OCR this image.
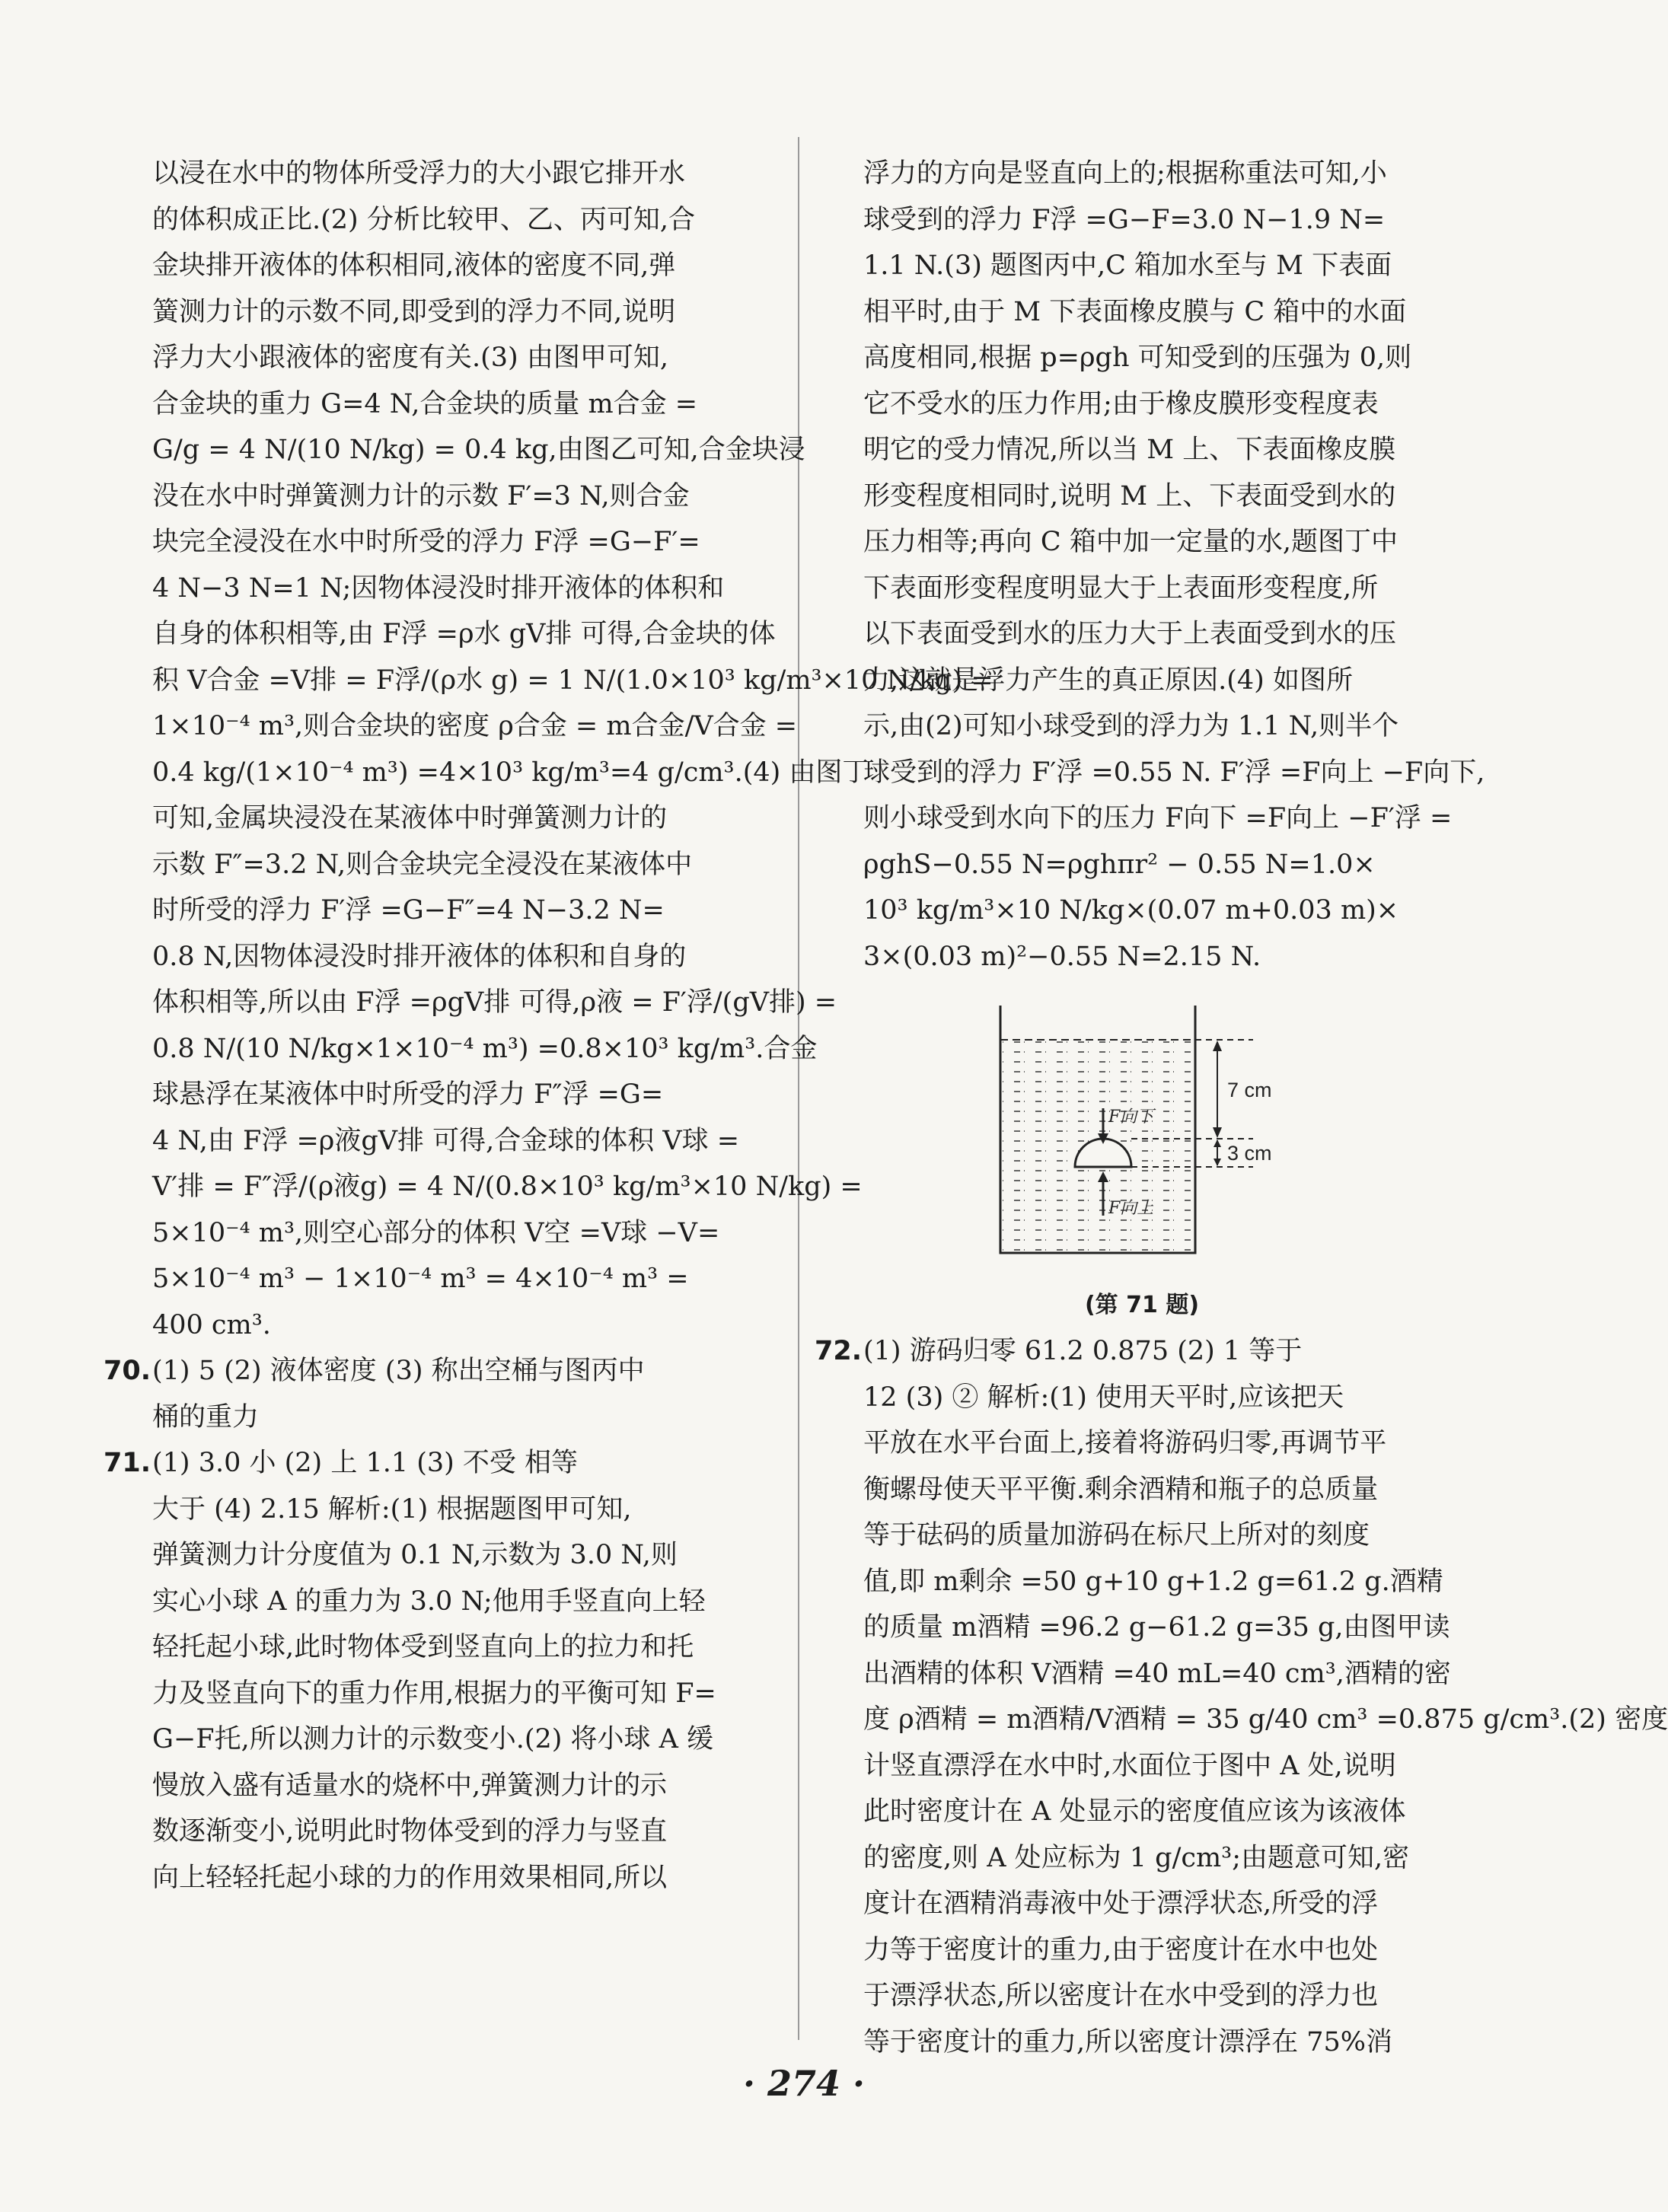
以浸在水中的物体所受浮力的大小跟它排开水
的体积成正比.(2) 分析比较甲、乙、丙可知,合
金块排开液体的体积相同,液体的密度不同,弹
簧测力计的示数不同,即受到的浮力不同,说明
浮力大小跟液体的密度有关.(3) 由图甲可知,
合金块的重力 G=4 N,合金块的质量 m合金 =
G/g = 4 N/(10 N/kg) = 0.4 kg,由图乙可知,合金块浸
没在水中时弹簧测力计的示数 F′=3 N,则合金
块完全浸没在水中时所受的浮力 F浮 =G−F′=
4 N−3 N=1 N;因物体浸没时排开液体的体积和
自身的体积相等,由 F浮 =ρ水 gV排 可得,合金块的体
积 V合金 =V排 = F浮/(ρ水 g) = 1 N/(1.0×10³ kg/m³×10 N/kg) =
1×10⁻⁴ m³,则合金块的密度 ρ合金 = m合金/V合金 =
0.4 kg/(1×10⁻⁴ m³) =4×10³ kg/m³=4 g/cm³.(4) 由图丁
可知,金属块浸没在某液体中时弹簧测力计的
示数 F″=3.2 N,则合金块完全浸没在某液体中
时所受的浮力 F′浮 =G−F″=4 N−3.2 N=
0.8 N,因物体浸没时排开液体的体积和自身的
体积相等,所以由 F浮 =ρgV排 可得,ρ液 = F′浮/(gV排) =
0.8 N/(10 N/kg×1×10⁻⁴ m³) =0.8×10³ kg/m³.合金
球悬浮在某液体中时所受的浮力 F″浮 =G=
4 N,由 F浮 =ρ液gV排 可得,合金球的体积 V球 =
V′排 = F″浮/(ρ液g) = 4 N/(0.8×10³ kg/m³×10 N/kg) =
5×10⁻⁴ m³,则空心部分的体积 V空 =V球 −V=
5×10⁻⁴ m³ − 1×10⁻⁴ m³ = 4×10⁻⁴ m³ =
400 cm³.
70.(1) 5 (2) 液体密度 (3) 称出空桶与图丙中
桶的重力
71.(1) 3.0 小 (2) 上 1.1 (3) 不受 相等
大于 (4) 2.15 解析:(1) 根据题图甲可知,
弹簧测力计分度值为 0.1 N,示数为 3.0 N,则
实心小球 A 的重力为 3.0 N;他用手竖直向上轻
轻托起小球,此时物体受到竖直向上的拉力和托
力及竖直向下的重力作用,根据力的平衡可知 F=
G−F托,所以测力计的示数变小.(2) 将小球 A 缓
慢放入盛有适量水的烧杯中,弹簧测力计的示
数逐渐变小,说明此时物体受到的浮力与竖直
向上轻轻托起小球的力的作用效果相同,所以
浮力的方向是竖直向上的;根据称重法可知,小
球受到的浮力 F浮 =G−F=3.0 N−1.9 N=
1.1 N.(3) 题图丙中,C 箱加水至与 M 下表面
相平时,由于 M 下表面橡皮膜与 C 箱中的水面
高度相同,根据 p=ρgh 可知受到的压强为 0,则
它不受水的压力作用;由于橡皮膜形变程度表
明它的受力情况,所以当 M 上、下表面橡皮膜
形变程度相同时,说明 M 上、下表面受到水的
压力相等;再向 C 箱中加一定量的水,题图丁中
下表面形变程度明显大于上表面形变程度,所
以下表面受到水的压力大于上表面受到水的压
力,这就是浮力产生的真正原因.(4) 如图所
示,由(2)可知小球受到的浮力为 1.1 N,则半个
球受到的浮力 F′浮 =0.55 N. F′浮 =F向上 −F向下,
则小球受到水向下的压力 F向下 =F向上 −F′浮 =
ρghS−0.55 N=ρghπr² − 0.55 N=1.0×
10³ kg/m³×10 N/kg×(0.07 m+0.03 m)×
3×(0.03 m)²−0.55 N=2.15 N.
7 cm
3 cm
F向下
F向上
(第 71 题)
72.(1) 游码归零 61.2 0.875 (2) 1 等于
12 (3) ② 解析:(1) 使用天平时,应该把天
平放在水平台面上,接着将游码归零,再调节平
衡螺母使天平平衡.剩余酒精和瓶子的总质量
等于砝码的质量加游码在标尺上所对的刻度
值,即 m剩余 =50 g+10 g+1.2 g=61.2 g.酒精
的质量 m酒精 =96.2 g−61.2 g=35 g,由图甲读
出酒精的体积 V酒精 =40 mL=40 cm³,酒精的密
度 ρ酒精 = m酒精/V酒精 = 35 g/40 cm³ =0.875 g/cm³.(2) 密度
计竖直漂浮在水中时,水面位于图中 A 处,说明
此时密度计在 A 处显示的密度值应该为该液体
的密度,则 A 处应标为 1 g/cm³;由题意可知,密
度计在酒精消毒液中处于漂浮状态,所受的浮
力等于密度计的重力,由于密度计在水中也处
于漂浮状态,所以密度计在水中受到的浮力也
等于密度计的重力,所以密度计漂浮在 75%消
· 274 ·
